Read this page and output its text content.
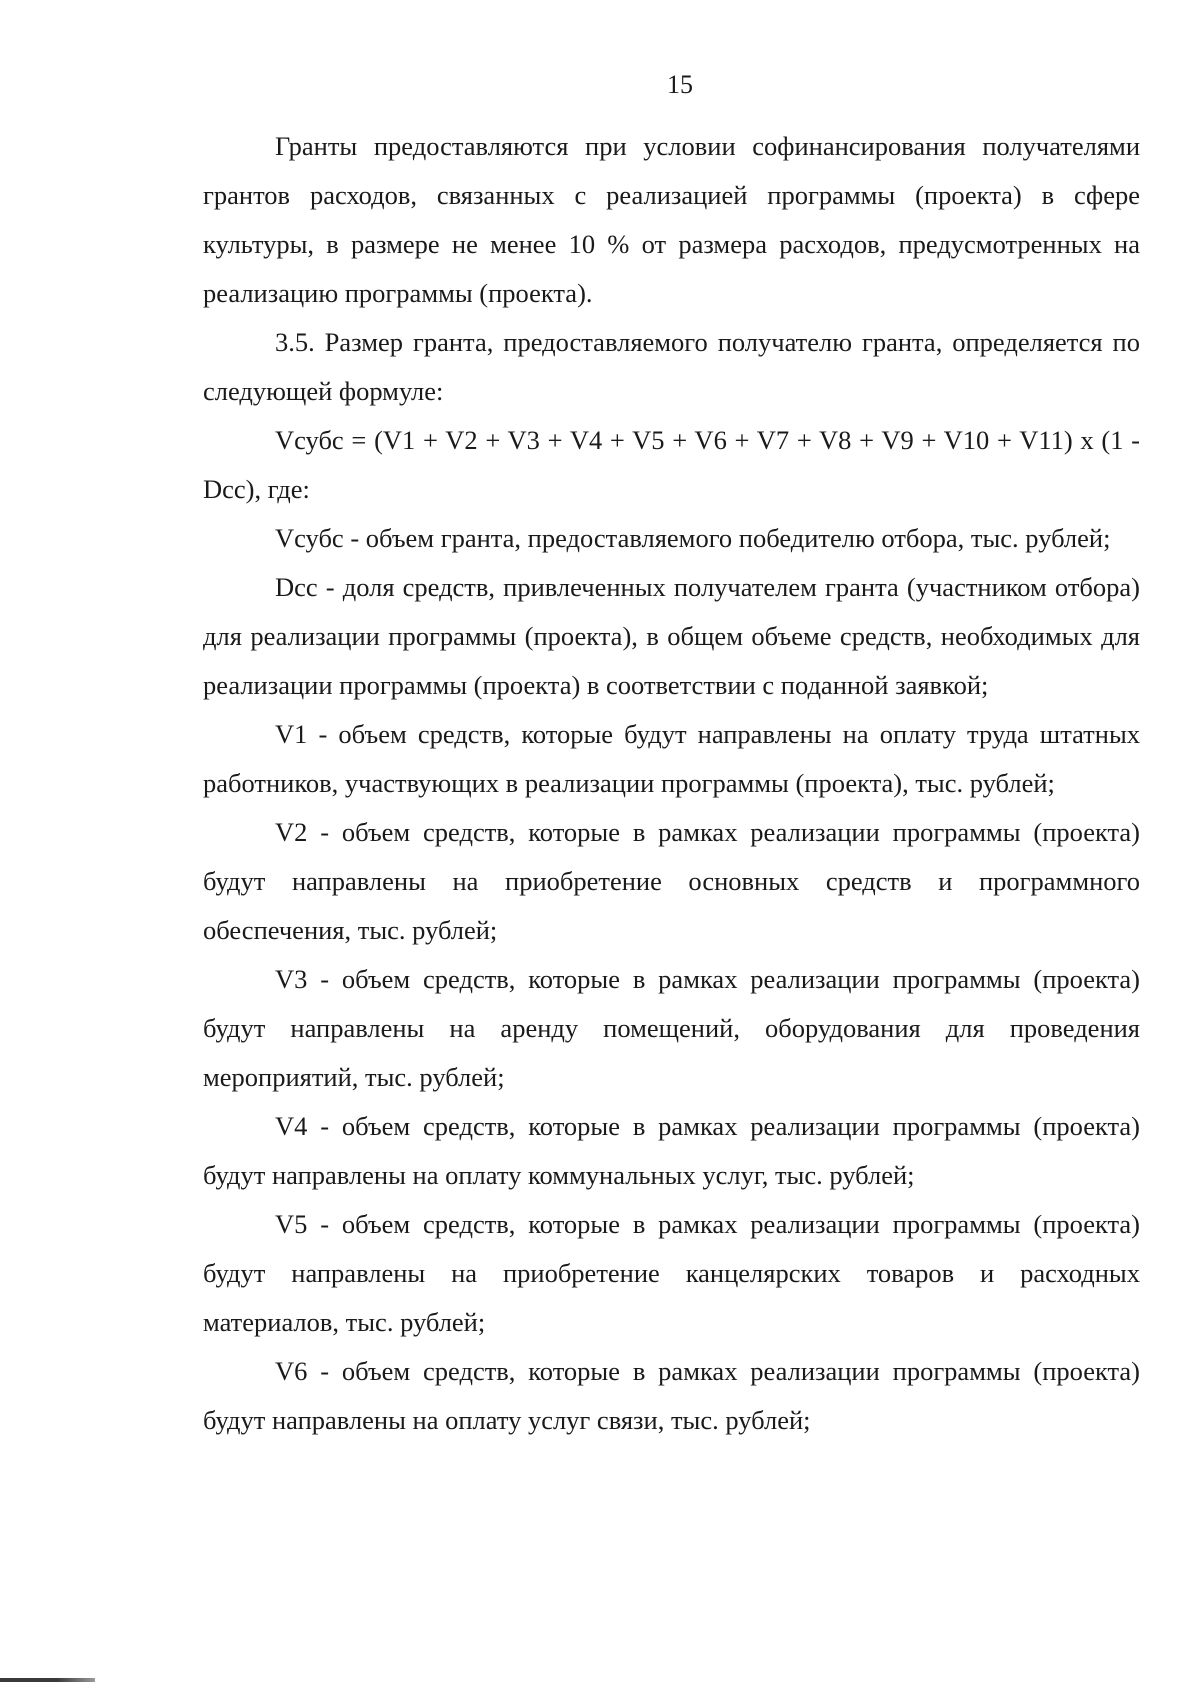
15

Гранты предоставляются при условии софинансирования получателями грантов расходов, связанных с реализацией программы (проекта) в сфере культуры, в размере не менее 10 % от размера расходов, предусмотренных на реализацию программы (проекта).

3.5. Размер гранта, предоставляемого получателю гранта, определяется по следующей формуле:

Vсубс = (V1 + V2 + V3 + V4 + V5 + V6 + V7 + V8 + V9 + V10 + V11) x (1 - Dcc), где:

Vсубс - объем гранта, предоставляемого победителю отбора, тыс. рублей;

Dcc - доля средств, привлеченных получателем гранта (участником отбора) для реализации программы (проекта), в общем объеме средств, необходимых для реализации программы (проекта) в соответствии с поданной заявкой;

V1 - объем средств, которые будут направлены на оплату труда штатных работников, участвующих в реализации программы (проекта), тыс. рублей;

V2 - объем средств, которые в рамках реализации программы (проекта) будут направлены на приобретение основных средств и программного обеспечения, тыс. рублей;

V3 - объем средств, которые в рамках реализации программы (проекта) будут направлены на аренду помещений, оборудования для проведения мероприятий, тыс. рублей;

V4 - объем средств, которые в рамках реализации программы (проекта) будут направлены на оплату коммунальных услуг, тыс. рублей;

V5 - объем средств, которые в рамках реализации программы (проекта) будут направлены на приобретение канцелярских товаров и расходных материалов, тыс. рублей;

V6 - объем средств, которые в рамках реализации программы (проекта) будут направлены на оплату услуг связи, тыс. рублей;
